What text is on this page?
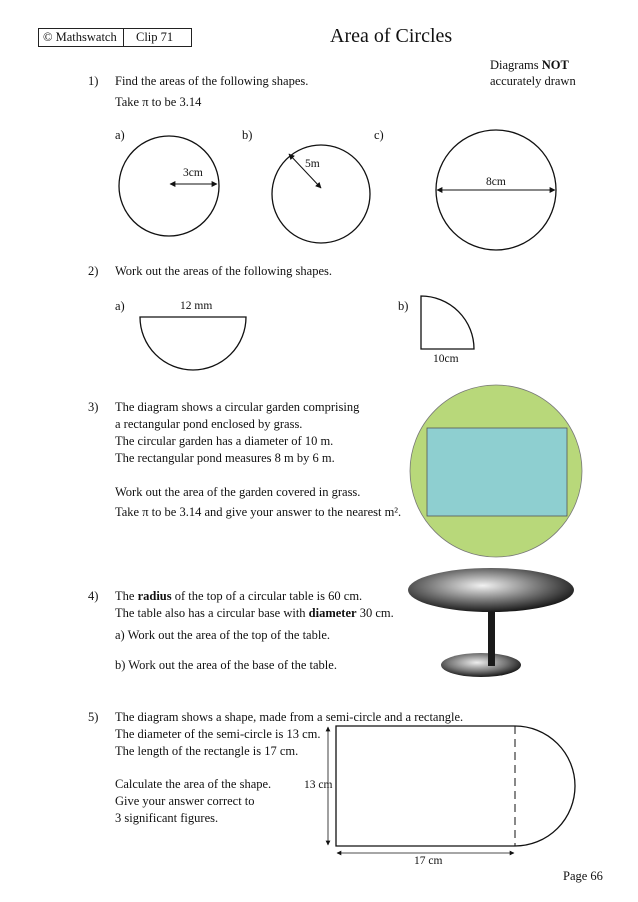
© Mathswatch	Clip 71	Area of Circles
Diagrams NOT
accurately drawn
1) Find the areas of the following shapes.
Take π to be 3.14
a)	b)	c)
3cm
5m
8cm
2) Work out the areas of the following shapes.
a)	b)
12 mm
10cm
3) The diagram shows a circular garden comprising
a rectangular pond enclosed by grass.
The circular garden has a diameter of 10 m.
The rectangular pond measures 8 m by 6 m.
Work out the area of the garden covered in grass.
Take π to be 3.14 and give your answer to the nearest m².
4) The radius of the top of a circular table is 60 cm.
The table also has a circular base with diameter 30 cm.
a) Work out the area of the top of the table.
b) Work out the area of the base of the table.
5) The diagram shows a shape, made from a semi-circle and a rectangle.
The diameter of the semi-circle is 13 cm.
The length of the rectangle is 17 cm.
Calculate the area of the shape.
Give your answer correct to
3 significant figures.
13 cm
17 cm
Page 66
